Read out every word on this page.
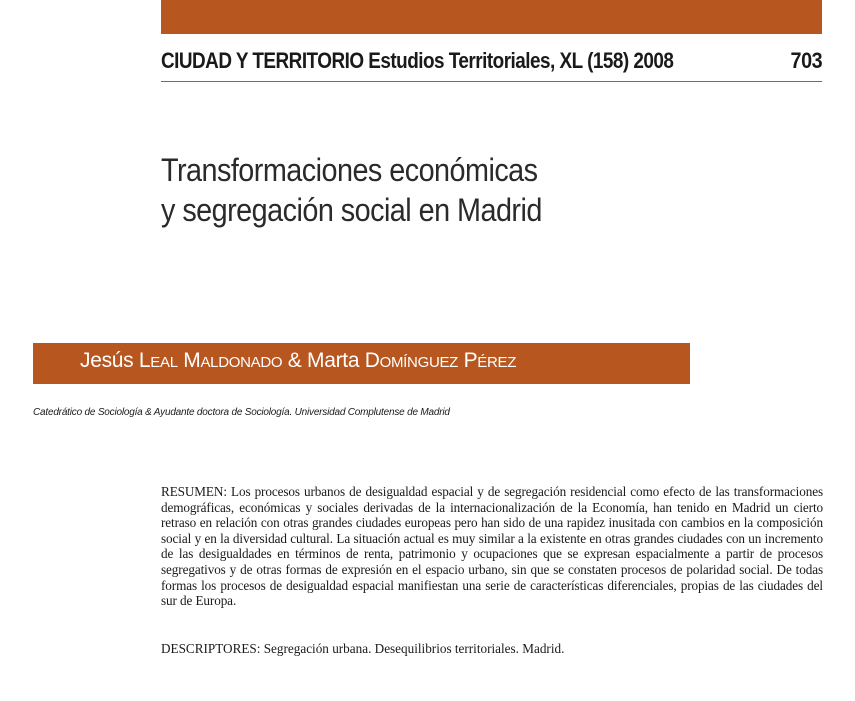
CIUDAD Y TERRITORIO Estudios Territoriales, XL (158) 2008	703
Transformaciones económicas
y segregación social en Madrid
Jesús Leal Maldonado & Marta Domínguez Pérez
Catedrático de Sociología & Ayudante doctora de Sociología. Universidad Complutense de Madrid
RESUMEN: Los procesos urbanos de desigualdad espacial y de segregación residencial como efecto de las transformaciones demográficas, económicas y sociales derivadas de la internacionalización de la Economía, han tenido en Madrid un cierto retraso en relación con otras grandes ciudades europeas pero han sido de una rapidez inusitada con cambios en la composición social y en la diversidad cultural. La situación actual es muy similar a la existente en otras grandes ciudades con un incremento de las desigualdades en términos de renta, patrimonio y ocupaciones que se expresan espacialmente a partir de procesos segregativos y de otras formas de expresión en el espacio urbano, sin que se constaten procesos de polaridad social. De todas formas los procesos de desigualdad espacial manifiestan una serie de características diferenciales, propias de las ciudades del sur de Europa.
DESCRIPTORES: Segregación urbana. Desequilibrios territoriales. Madrid.
